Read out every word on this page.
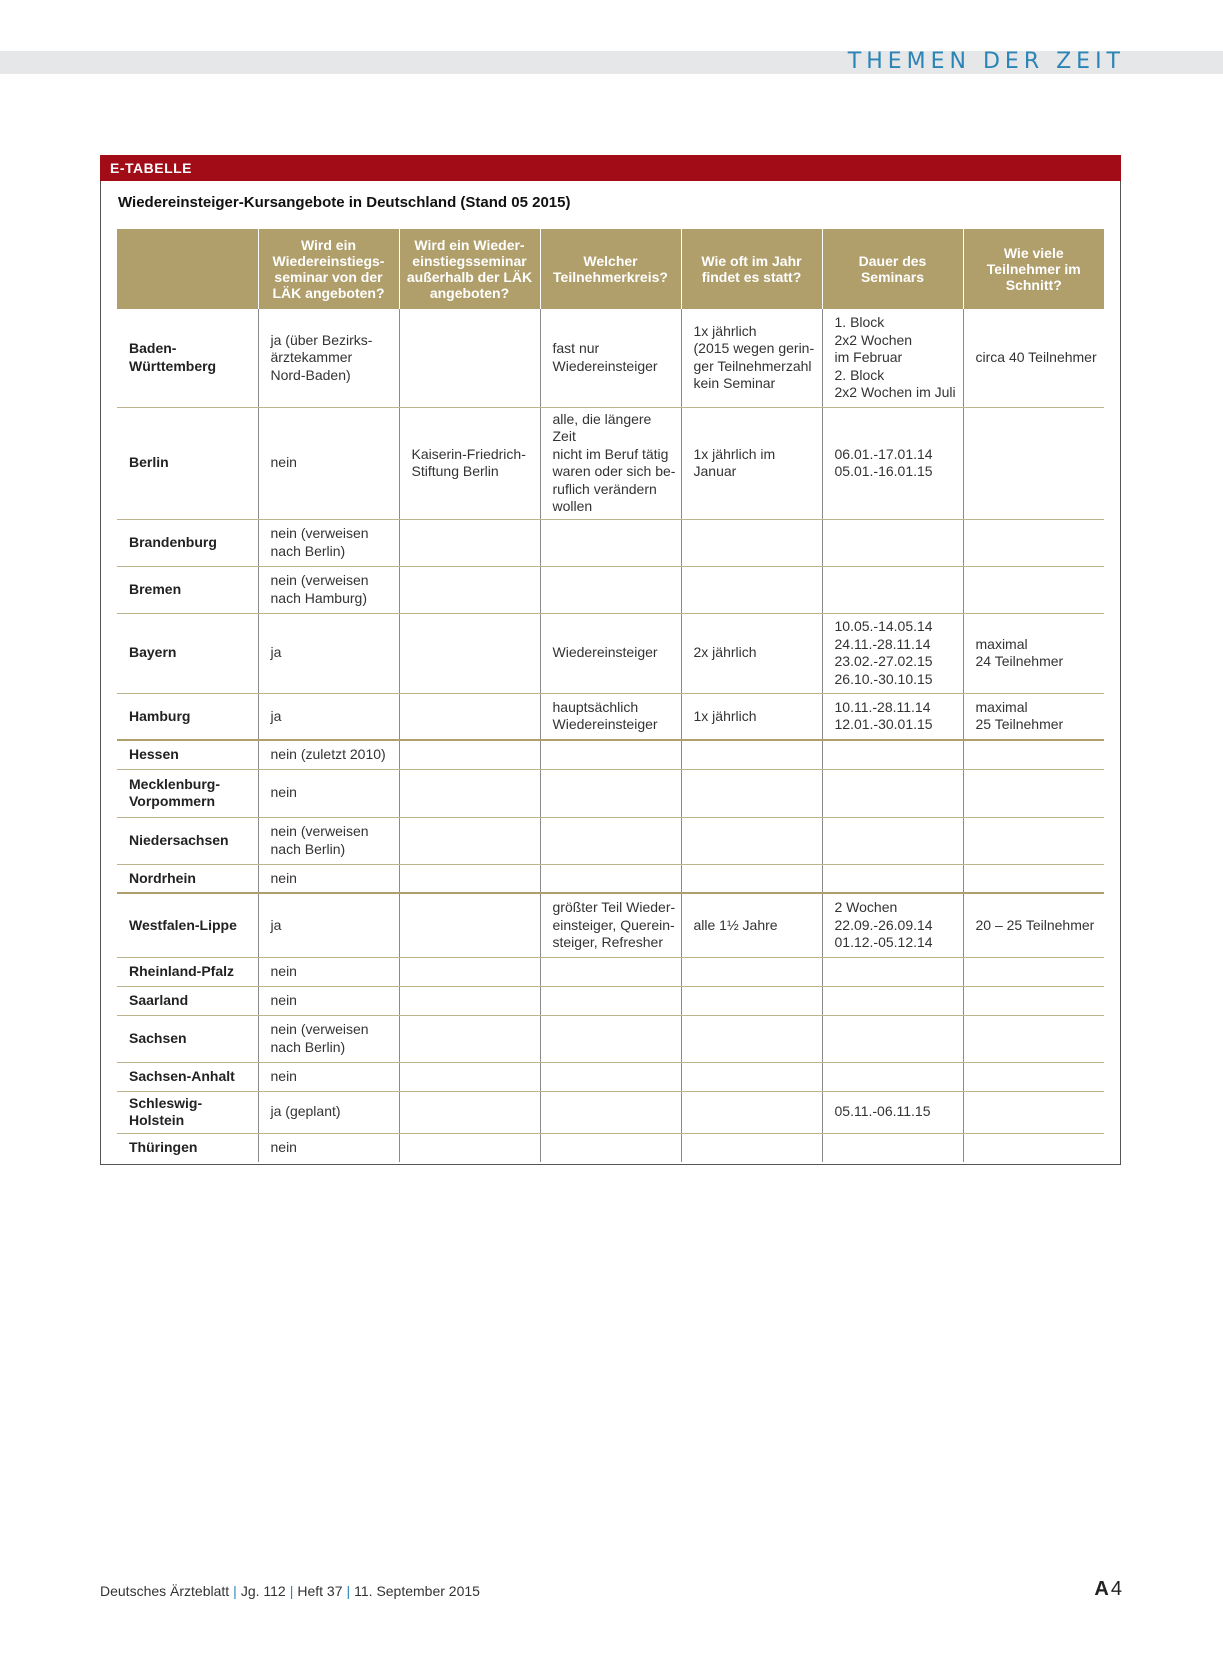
THEMEN DER ZEIT
E-TABELLE
Wiedereinsteiger-Kursangebote in Deutschland (Stand 05 2015)
	Wird ein Wiedereinstiegs-seminar von der LÄK angeboten?	Wird ein Wieder-einstiegsseminar außerhalb der LÄK angeboten?	Welcher Teilnehmerkreis?	Wie oft im Jahr findet es statt?	Dauer des Seminars	Wie viele Teilnehmer im Schnitt?
Baden-
Württemberg	ja (über Bezirks-
ärztekammer
Nord-Baden)		fast nur
Wiedereinsteiger	1x jährlich
(2015 wegen gerin-
ger Teilnehmerzahl
kein Seminar	1. Block
2x2 Wochen
im Februar
2. Block
2x2 Wochen im Juli	circa 40 Teilnehmer
Berlin	nein	Kaiserin-Friedrich-
Stiftung Berlin	alle, die längere Zeit
nicht im Beruf tätig
waren oder sich be-
ruflich verändern
wollen	1x jährlich im Januar	06.01.-17.01.14
05.01.-16.01.15	
Brandenburg	nein (verweisen
nach Berlin)					
Bremen	nein (verweisen
nach Hamburg)					
Bayern	ja		Wiedereinsteiger	2x jährlich	10.05.-14.05.14
24.11.-28.11.14
23.02.-27.02.15
26.10.-30.10.15	maximal
24 Teilnehmer
Hamburg	ja		hauptsächlich
Wiedereinsteiger	1x jährlich	10.11.-28.11.14
12.01.-30.01.15	maximal
25 Teilnehmer
Hessen	nein (zuletzt 2010)					
Mecklenburg-
Vorpommern	nein					
Niedersachsen	nein (verweisen
nach Berlin)					
Nordrhein	nein					
Westfalen-Lippe	ja		größter Teil Wieder-
einsteiger, Querein-
steiger, Refresher	alle 1½ Jahre	2 Wochen
22.09.-26.09.14
01.12.-05.12.14	20 – 25 Teilnehmer
Rheinland-Pfalz	nein					
Saarland	nein					
Sachsen	nein (verweisen
nach Berlin)					
Sachsen-Anhalt	nein					
Schleswig-Holstein	ja (geplant)				05.11.-06.11.15	
Thüringen	nein					
Deutsches Ärzteblatt | Jg. 112 | Heft 37 | 11. September 2015	A 4
